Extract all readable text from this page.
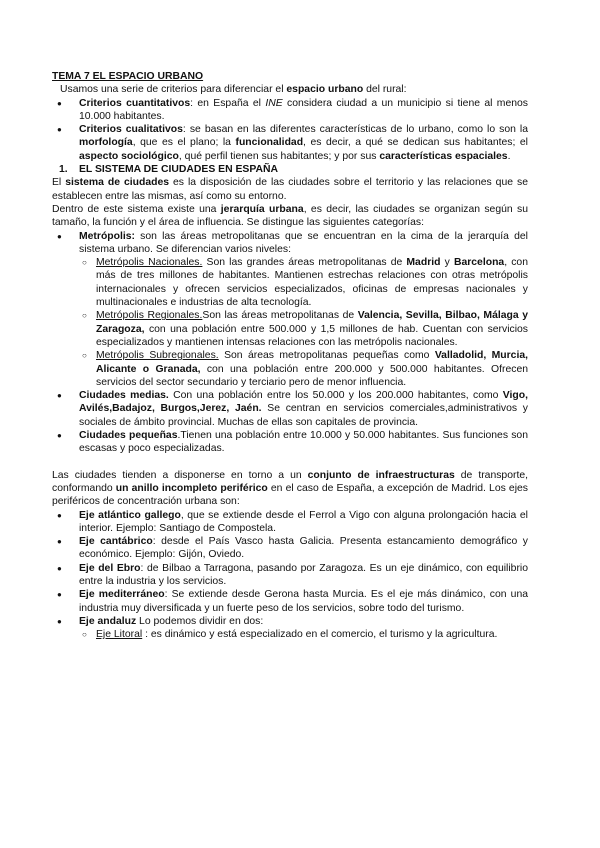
TEMA 7 EL ESPACIO URBANO

Usamos una serie de criterios para diferenciar el espacio urbano del rural:

● Criterios cuantitativos: en España el INE considera ciudad a un municipio si tiene al menos 10.000 habitantes.
● Criterios cualitativos: se basan en las diferentes características de lo urbano, como lo son la morfología, que es el plano; la funcionalidad, es decir, a qué se dedican sus habitantes; el aspecto sociológico, qué perfil tienen sus habitantes; y por sus características espaciales.
1. EL SISTEMA DE CIUDADES EN ESPAÑA

El sistema de ciudades es la disposición de las ciudades sobre el territorio y las relaciones que se establecen entre las mismas, así como su entorno.

Dentro de este sistema existe una jerarquía urbana, es decir, las ciudades se organizan según su tamaño, la función y el área de influencia. Se distingue las siguientes categorías:

● Metrópolis: son las áreas metropolitanas que se encuentran en la cima de la jerarquía del sistema urbano. Se diferencian varios niveles:
○ Metrópolis Nacionales. Son las grandes áreas metropolitanas de Madrid y Barcelona, con más de tres millones de habitantes. Mantienen estrechas relaciones con otras metrópolis internacionales y ofrecen servicios especializados, oficinas de empresas nacionales y multinacionales e industrias de alta tecnología.
○ Metrópolis Regionales.Son las áreas metropolitanas de Valencia, Sevilla, Bilbao, Málaga y Zaragoza, con una población entre 500.000 y 1,5 millones de hab. Cuentan con servicios especializados y mantienen intensas relaciones con las metrópolis nacionales.
○ Metrópolis Subregionales. Son áreas metropolitanas pequeñas como Valladolid, Murcia, Alicante o Granada, con una población entre 200.000 y 500.000 habitantes. Ofrecen servicios del sector secundario y terciario pero de menor influencia.
● Ciudades medias. Con una población entre los 50.000 y los 200.000 habitantes, como Vigo, Avilés,Badajoz, Burgos,Jerez, Jaén. Se centran en servicios comerciales,administrativos y sociales de ámbito provincial. Muchas de ellas son capitales de provincia.
● Ciudades pequeñas.Tienen una población entre 10.000 y 50.000 habitantes. Sus funciones son escasas y poco especializadas.

Las ciudades tienden a disponerse en torno a un conjunto de infraestructuras de transporte, conformando un anillo incompleto periférico en el caso de España, a excepción de Madrid. Los ejes periféricos de concentración urbana son:

● Eje atlántico gallego, que se extiende desde el Ferrol a Vigo con alguna prolongación hacia el interior. Ejemplo: Santiago de Compostela.
● Eje cantábrico: desde el País Vasco hasta Galicia. Presenta estancamiento demográfico y económico. Ejemplo: Gijón, Oviedo.
● Eje del Ebro: de Bilbao a Tarragona, pasando por Zaragoza. Es un eje dinámico, con equilibrio entre la industria y los servicios.
● Eje mediterráneo: Se extiende desde Gerona hasta Murcia. Es el eje más dinámico, con una industria muy diversificada y un fuerte peso de los servicios, sobre todo del turismo.
● Eje andaluz Lo podemos dividir en dos:
○ Eje Litoral : es dinámico y está especializado en el comercio, el turismo y la agricultura.
